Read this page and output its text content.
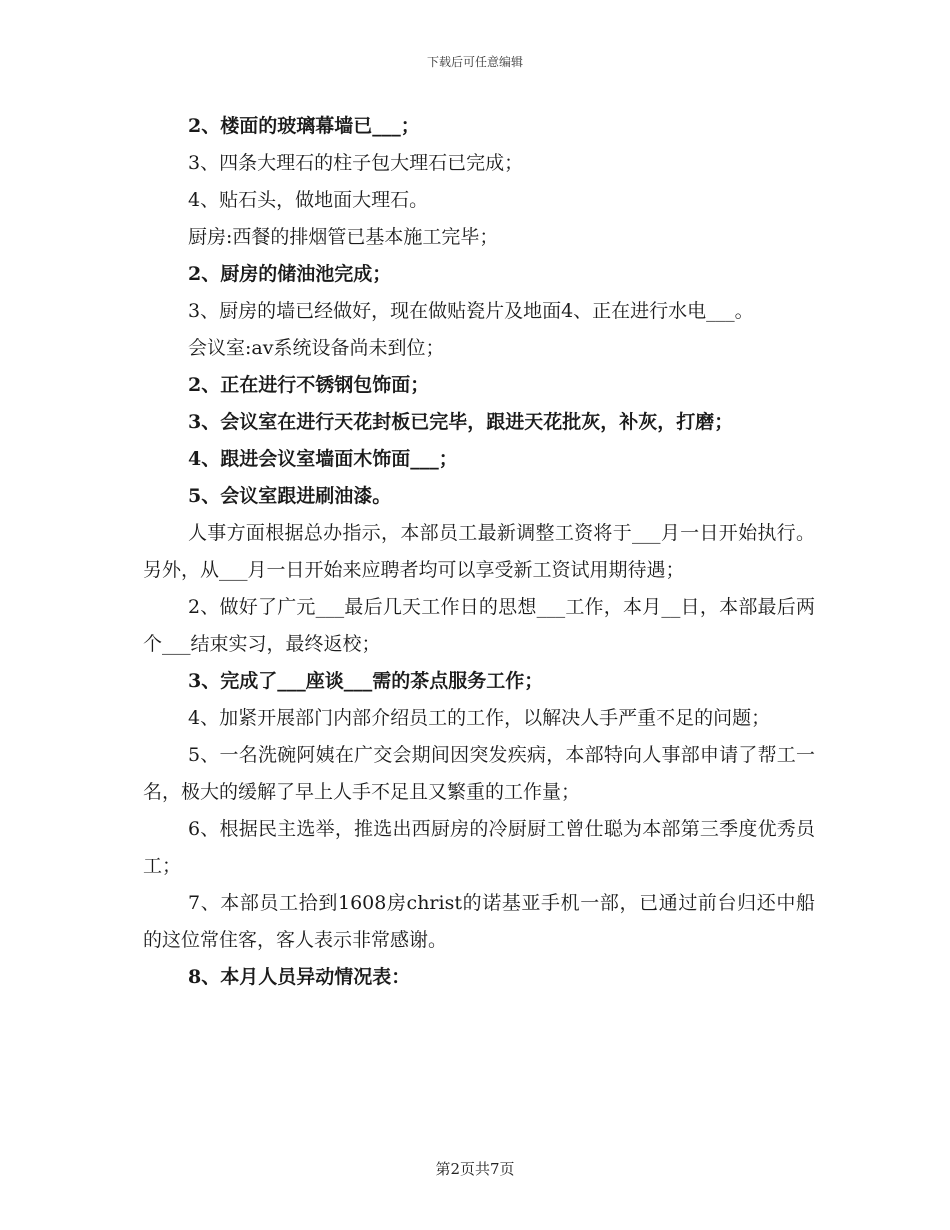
下载后可任意编辑
2、楼面的玻璃幕墙已___；
3、四条大理石的柱子包大理石已完成；
4、贴石头，做地面大理石。
厨房:西餐的排烟管已基本施工完毕；
2、厨房的储油池完成；
3、厨房的墙已经做好，现在做贴瓷片及地面4、正在进行水电___。
会议室:av系统设备尚未到位；
2、正在进行不锈钢包饰面；
3、会议室在进行天花封板已完毕，跟进天花批灰，补灰，打磨；
4、跟进会议室墙面木饰面___；
5、会议室跟进刷油漆。
人事方面根据总办指示，本部员工最新调整工资将于___月一日开始执行。另外，从___月一日开始来应聘者均可以享受新工资试用期待遇；
2、做好了广元___最后几天工作日的思想___工作，本月__日，本部最后两个___结束实习，最终返校；
3、完成了___座谈___需的茶点服务工作；
4、加紧开展部门内部介绍员工的工作，以解决人手严重不足的问题；
5、一名洗碗阿姨在广交会期间因突发疾病，本部特向人事部申请了帮工一名，极大的缓解了早上人手不足且又繁重的工作量；
6、根据民主选举，推选出西厨房的冷厨厨工曾仕聪为本部第三季度优秀员工；
7、本部员工拾到1608房christ的诺基亚手机一部，已通过前台归还中船的这位常住客，客人表示非常感谢。
8、本月人员异动情况表：
第2页共7页
